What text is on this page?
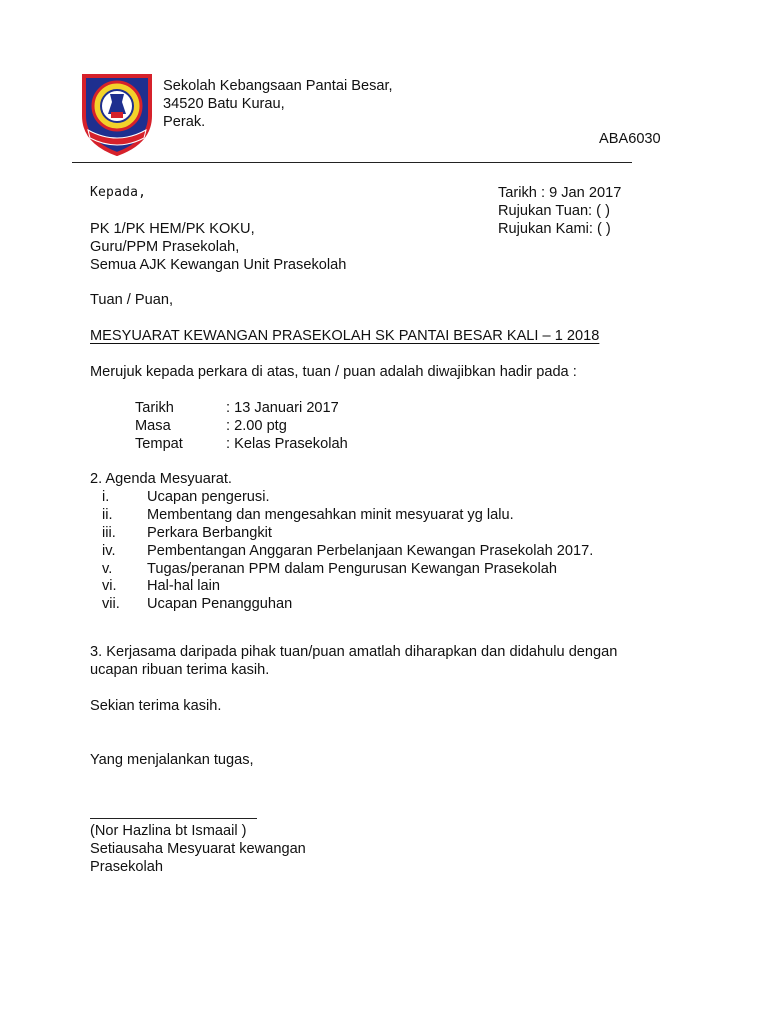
Sekolah Kebangsaan Pantai Besar,
34520 Batu Kurau,
Perak.
ABA6030
Kepada,
PK 1/PK HEM/PK KOKU,
Guru/PPM Prasekolah,
Semua AJK Kewangan Unit Prasekolah
Tarikh : 9 Jan 2017
Rujukan Tuan: ( )
Rujukan Kami: ( )
Tuan / Puan,
MESYUARAT KEWANGAN PRASEKOLAH SK PANTAI BESAR KALI – 1 2018
Merujuk kepada perkara di atas, tuan / puan adalah diwajibkan hadir pada :
Tarikh	: 13 Januari 2017
Masa	: 2.00 ptg
Tempat	: Kelas Prasekolah
2. Agenda Mesyuarat.
i.	Ucapan pengerusi.
ii. Membentang dan mengesahkan minit mesyuarat yg lalu.
iii. Perkara Berbangkit
iv. Pembentangan Anggaran Perbelanjaan Kewangan Prasekolah 2017.
v. Tugas/peranan PPM dalam Pengurusan Kewangan Prasekolah
vi. Hal-hal lain
vii. Ucapan Penangguhan
3. Kerjasama daripada pihak tuan/puan amatlah diharapkan dan didahulu dengan
ucapan ribuan terima kasih.
Sekian terima kasih.
Yang menjalankan tugas,
(Nor Hazlina bt Ismaail )
Setiausaha Mesyuarat kewangan
Prasekolah
